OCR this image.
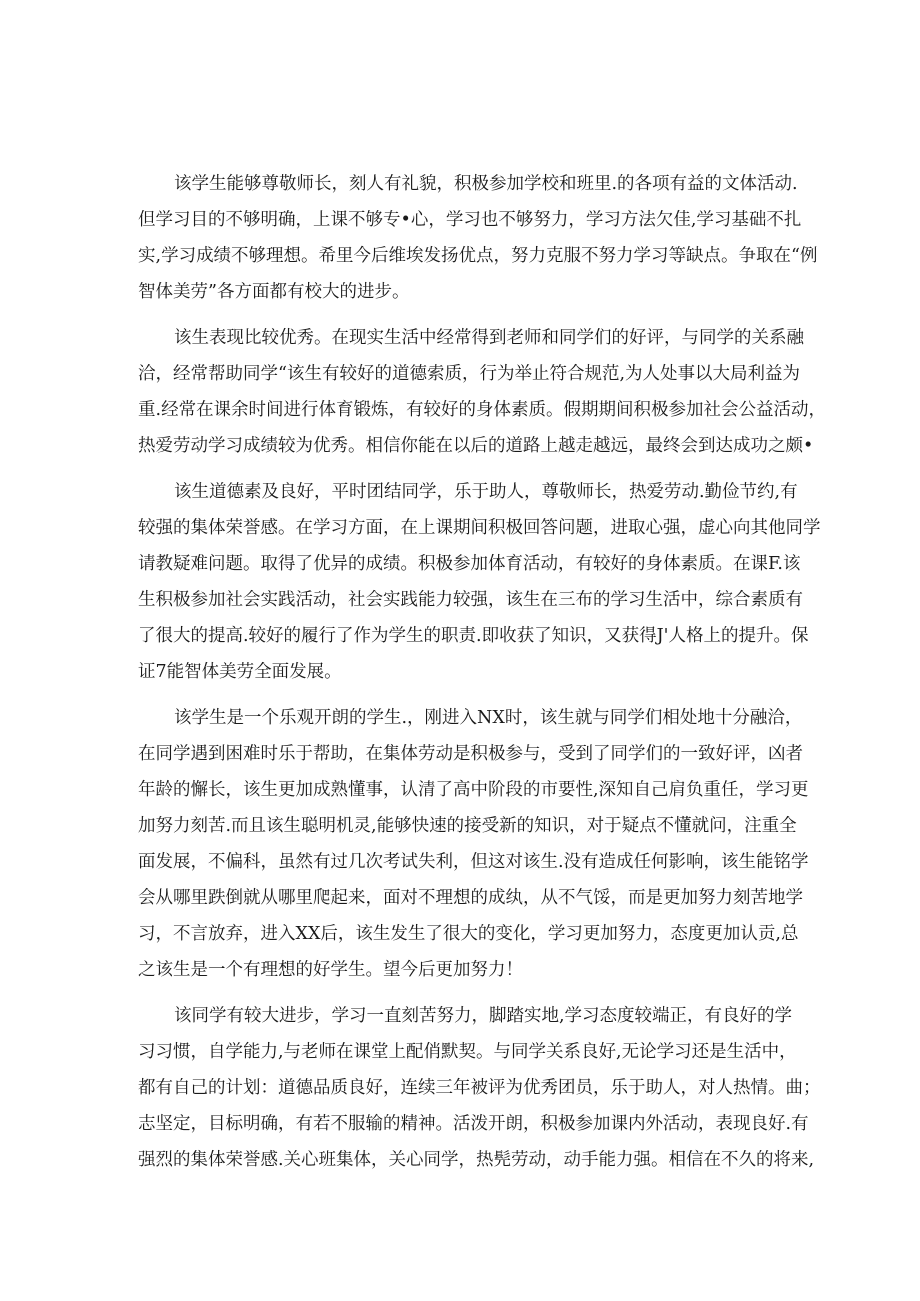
该学生能够尊敬师长，刻人有礼貌，积极参加学校和班里.的各项有益的文体活动.
但学习目的不够明确，上课不够专•心，学习也不够努力，学习方法欠佳,学习基础不扎
实,学习成绩不够理想。希里今后维埃发扬优点，努力克服不努力学习等缺点。争取在“例
智体美劳”各方面都有校大的进步。
该生表现比较优秀。在现实生活中经常得到老师和同学们的好评，与同学的关系融
洽，经常帮助同学“该生有较好的道德索质，行为举止符合规范,为人处事以大局利益为
重.经常在课余时间进行体育锻炼，有较好的身体素质。假期期间积极参加社会公益活动，
热爱劳动学习成绩较为优秀。相信你能在以后的道路上越走越远，最终会到达成功之颇•
该生道德素及良好，平时团结同学，乐于助人，尊敬师长，热爱劳动.勤俭节约,有
较强的集体荣誉感。在学习方面，在上课期间积极回答问题，进取心强，虚心向其他同学
请教疑难问题。取得了优异的成绩。积极参加体育活动，有较好的身体素质。在课F.该
生积极参加社会实践活动，社会实践能力较强，该生在三布的学习生活中，综合素质有
了很大的提高.较好的履行了作为学生的职责.即收获了知识，又获得J'人格上的提升。保
证7能智体美劳全面发展。
该学生是一个乐观开朗的学生.，刚进入NX时，该生就与同学们相处地十分融洽，
在同学遇到困难时乐于帮助，在集体劳动是积极参与，受到了同学们的一致好评，凶者
年龄的懈长，该生更加成熟懂事，认清了高中阶段的市要性,深知自己肩负重任，学习更
加努力刻苦.而且该生聪明机灵,能够快速的接受新的知识，对于疑点不懂就问，注重全
面发展，不偏科，虽然有过几次考试失利，但这对该生.没有造成任何影响，该生能铭学
会从哪里跌倒就从哪里爬起来，面对不理想的成纨，从不气馁，而是更加努力刻苦地学
习，不言放弃，进入XX后，该生发生了很大的变化，学习更加努力，态度更加认贡,总
之该生是一个有理想的好学生。望今后更加努力！
该同学有较大进步，学习一直刻苦努力，脚踏实地,学习态度较端正，有良好的学
习习惯，自学能力,与老师在课堂上配俏默契。与同学关系良好,无论学习还是生活中，
都有自己的计划：道德品质良好，连续三年被评为优秀团员，乐于助人，对人热情。曲；
志坚定，目标明确，有若不服输的精神。活泼开朗，积极参加课内外活动，表现良好.有
强烈的集体荣誉感.关心班集体，关心同学，热髡劳动，动手能力强。相信在不久的将来,
